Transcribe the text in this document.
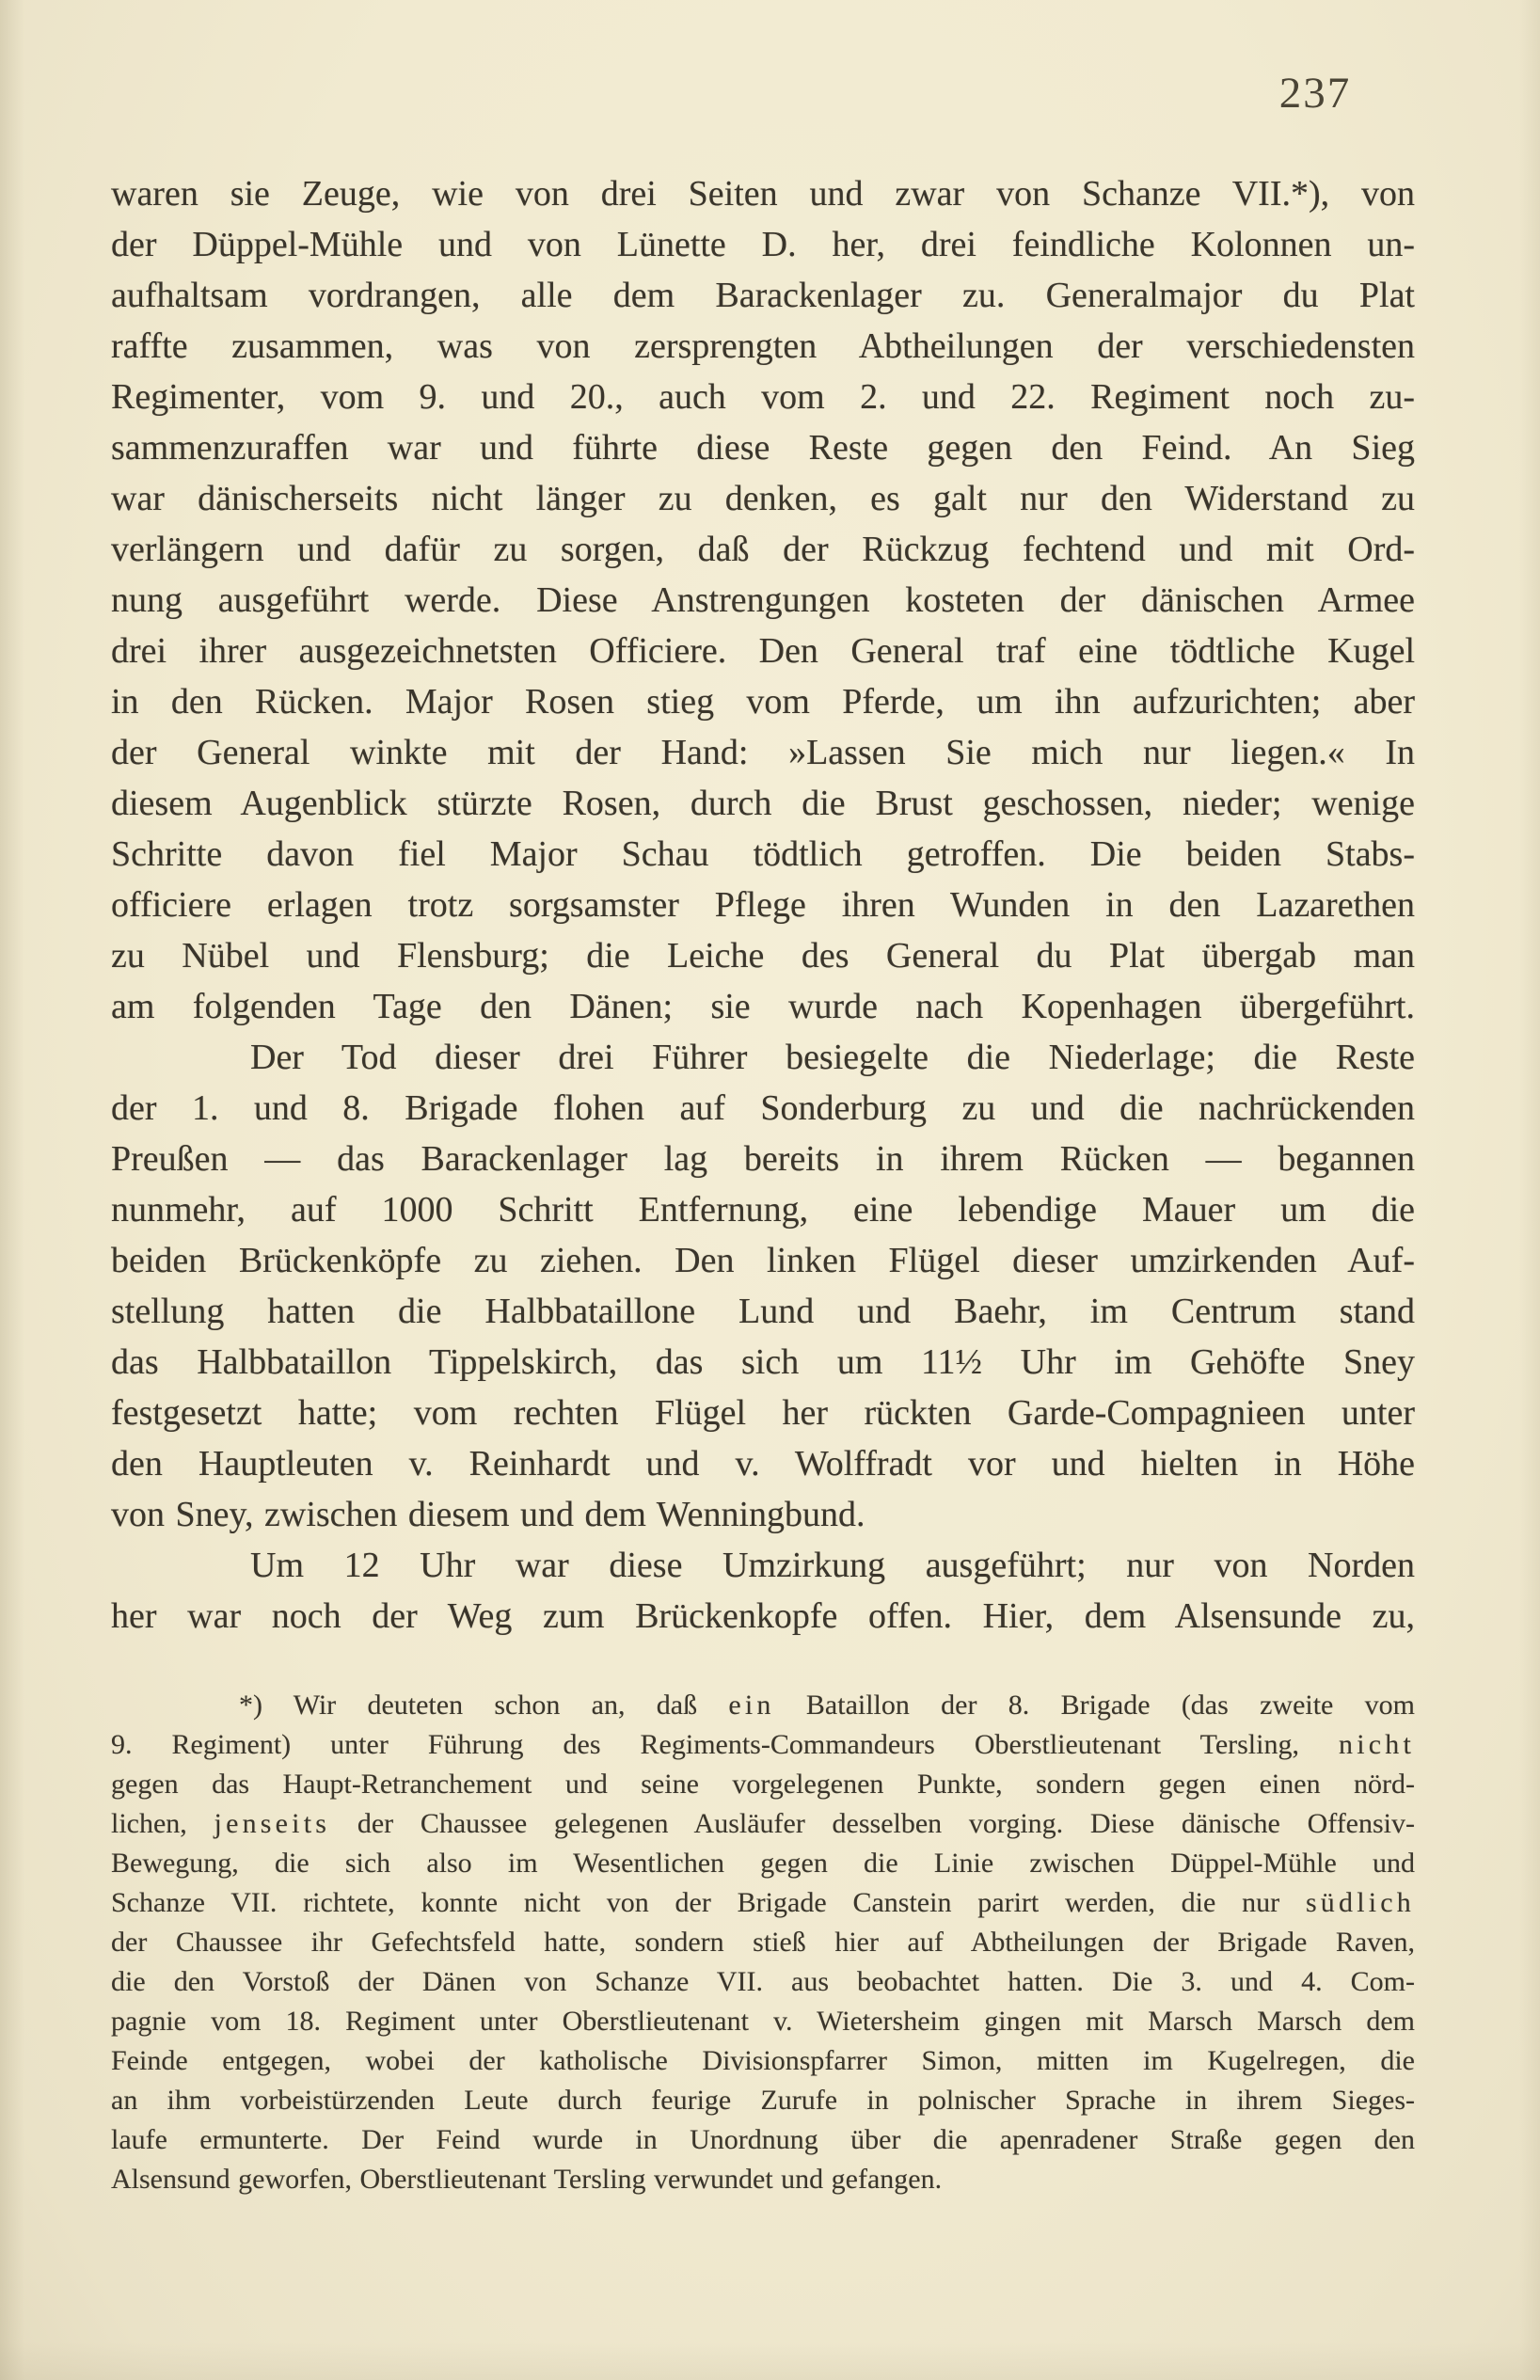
237
waren sie Zeuge, wie von drei Seiten und zwar von Schanze VII.*), von
der Düppel-Mühle und von Lünette D. her, drei feindliche Kolonnen un-
aufhaltsam vordrangen, alle dem Barackenlager zu. Generalmajor du Plat
raffte zusammen, was von zersprengten Abtheilungen der verschiedensten
Regimenter, vom 9. und 20., auch vom 2. und 22. Regiment noch zu-
sammenzuraffen war und führte diese Reste gegen den Feind. An Sieg
war dänischerseits nicht länger zu denken, es galt nur den Widerstand zu
verlängern und dafür zu sorgen, daß der Rückzug fechtend und mit Ord-
nung ausgeführt werde. Diese Anstrengungen kosteten der dänischen Armee
drei ihrer ausgezeichnetsten Officiere. Den General traf eine tödtliche Kugel
in den Rücken. Major Rosen stieg vom Pferde, um ihn aufzurichten; aber
der General winkte mit der Hand: »Lassen Sie mich nur liegen.« In
diesem Augenblick stürzte Rosen, durch die Brust geschossen, nieder; wenige
Schritte davon fiel Major Schau tödtlich getroffen. Die beiden Stabs-
officiere erlagen trotz sorgsamster Pflege ihren Wunden in den Lazarethen
zu Nübel und Flensburg; die Leiche des General du Plat übergab man
am folgenden Tage den Dänen; sie wurde nach Kopenhagen übergeführt.
Der Tod dieser drei Führer besiegelte die Niederlage; die Reste
der 1. und 8. Brigade flohen auf Sonderburg zu und die nachrückenden
Preußen — das Barackenlager lag bereits in ihrem Rücken — begannen
nunmehr, auf 1000 Schritt Entfernung, eine lebendige Mauer um die
beiden Brückenköpfe zu ziehen. Den linken Flügel dieser umzirkenden Auf-
stellung hatten die Halbbataillone Lund und Baehr, im Centrum stand
das Halbbataillon Tippelskirch, das sich um 11½ Uhr im Gehöfte Sney
festgesetzt hatte; vom rechten Flügel her rückten Garde-Compagnieen unter
den Hauptleuten v. Reinhardt und v. Wolffradt vor und hielten in Höhe
von Sney, zwischen diesem und dem Wenningbund.
Um 12 Uhr war diese Umzirkung ausgeführt; nur von Norden
her war noch der Weg zum Brückenkopfe offen. Hier, dem Alsensunde zu,
*) Wir deuteten schon an, daß ein Bataillon der 8. Brigade (das zweite vom
9. Regiment) unter Führung des Regiments-Commandeurs Oberstlieutenant Tersling, nicht
gegen das Haupt-Retranchement und seine vorgelegenen Punkte, sondern gegen einen nörd-
lichen, jenseits der Chaussee gelegenen Ausläufer desselben vorging. Diese dänische Offensiv-
Bewegung, die sich also im Wesentlichen gegen die Linie zwischen Düppel-Mühle und
Schanze VII. richtete, konnte nicht von der Brigade Canstein parirt werden, die nur südlich
der Chaussee ihr Gefechtsfeld hatte, sondern stieß hier auf Abtheilungen der Brigade Raven,
die den Vorstoß der Dänen von Schanze VII. aus beobachtet hatten. Die 3. und 4. Com-
pagnie vom 18. Regiment unter Oberstlieutenant v. Wietersheim gingen mit Marsch Marsch dem
Feinde entgegen, wobei der katholische Divisionspfarrer Simon, mitten im Kugelregen, die
an ihm vorbeistürzenden Leute durch feurige Zurufe in polnischer Sprache in ihrem Sieges-
laufe ermunterte. Der Feind wurde in Unordnung über die apenradener Straße gegen den
Alsensund geworfen, Oberstlieutenant Tersling verwundet und gefangen.
